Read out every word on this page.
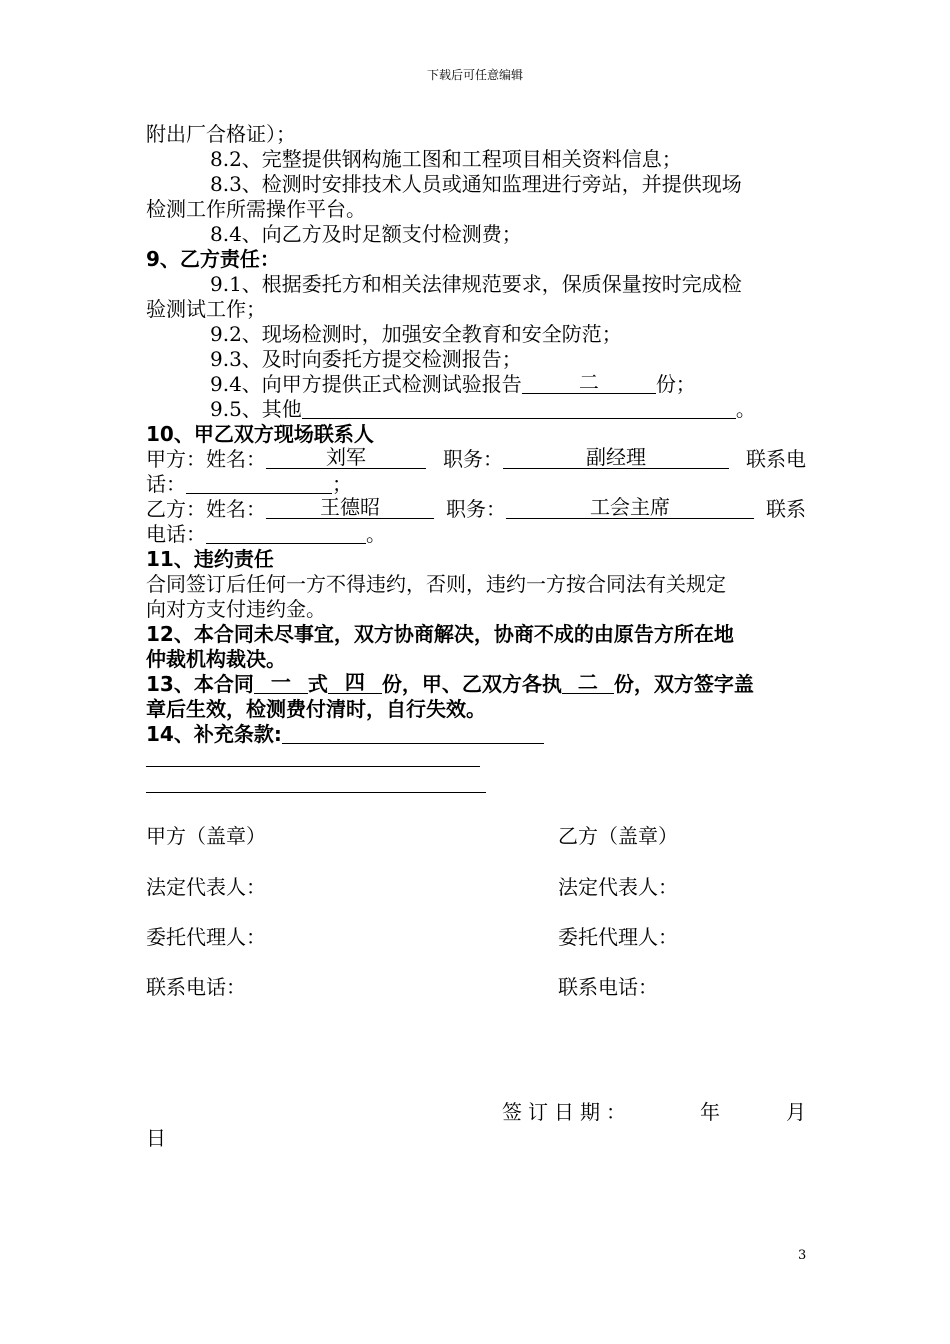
下载后可任意编辑
附出厂合格证）；
8.2、完整提供钢构施工图和工程项目相关资料信息；
8.3、检测时安排技术人员或通知监理进行旁站，并提供现场
检测工作所需操作平台。
8.4、向乙方及时足额支付检测费；
9、乙方责任：
9.1、根据委托方和相关法律规范要求，保质保量按时完成检
验测试工作；
9.2、现场检测时，加强安全教育和安全防范；
9.3、及时向委托方提交检测报告；
9.4、向甲方提供正式检测试验报告	二	份；
9.5、其他	。
10、甲乙双方现场联系人
甲方：姓名：	刘军	职务：	副经理	联系电
话：	；
乙方：姓名：	王德昭	职务：	工会主席	联系
电话：	。
11、违约责任
合同签订后任何一方不得违约，否则，违约一方按合同法有关规定
向对方支付违约金。
12、本合同未尽事宜，双方协商解决，协商不成的由原告方所在地
仲裁机构裁决。
13、本合同 一 式 四 份，甲、乙双方各执 二 份，双方签字盖
章后生效，检测费付清时，自行失效。
14、补充条款:
甲方（盖章）	乙方（盖章）
法定代表人：	法定代表人：
委托代理人：	委托代理人：
联系电话：	联系电话：
签订日期：	年	月
日
3
